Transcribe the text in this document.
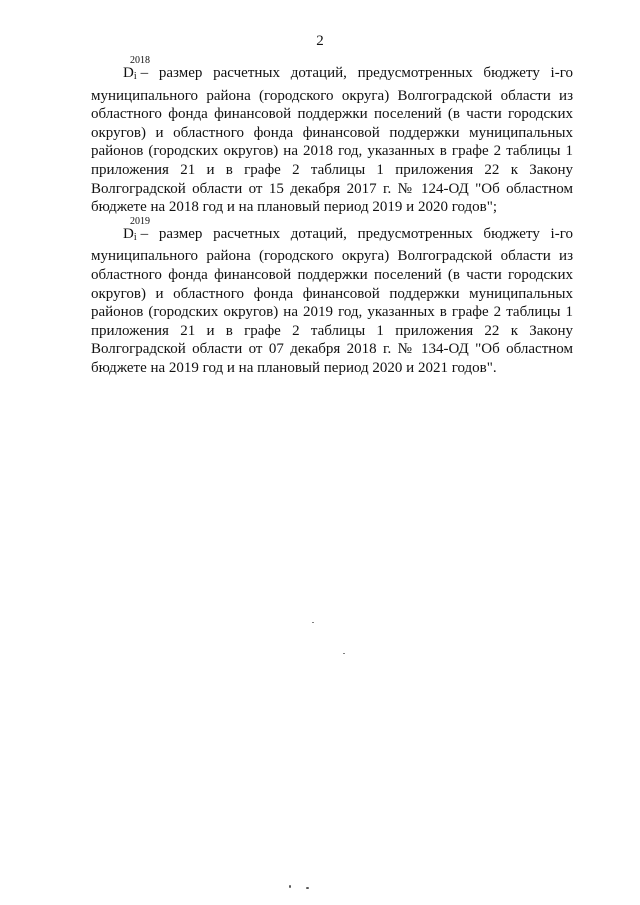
2

$D_i$
2018
– размер расчетных дотаций, предусмотренных бюджету i-го муниципального района (городского округа) Волгоградской области из областного фонда финансовой поддержки поселений (в части городских округов) и областного фонда финансовой поддержки муниципальных районов (городских округов) на 2018 год, указанных в графе 2 таблицы 1 приложения 21 и в графе 2 таблицы 1 приложения 22 к Закону Волгоградской области от 15 декабря 2017 г. № 124-ОД "Об областном бюджете на 2018 год и на плановый период 2019 и 2020 годов";

$D_i$
2019
– размер расчетных дотаций, предусмотренных бюджету i-го муниципального района (городского округа) Волгоградской области из областного фонда финансовой поддержки поселений (в части городских округов) и областного фонда финансовой поддержки муниципальных районов (городских округов) на 2019 год, указанных в графе 2 таблицы 1 приложения 21 и в графе 2 таблицы 1 приложения 22 к Закону Волгоградской области от 07 декабря 2018 г. № 134-ОД "Об областном бюджете на 2019 год и на плановый период 2020 и 2021 годов".
